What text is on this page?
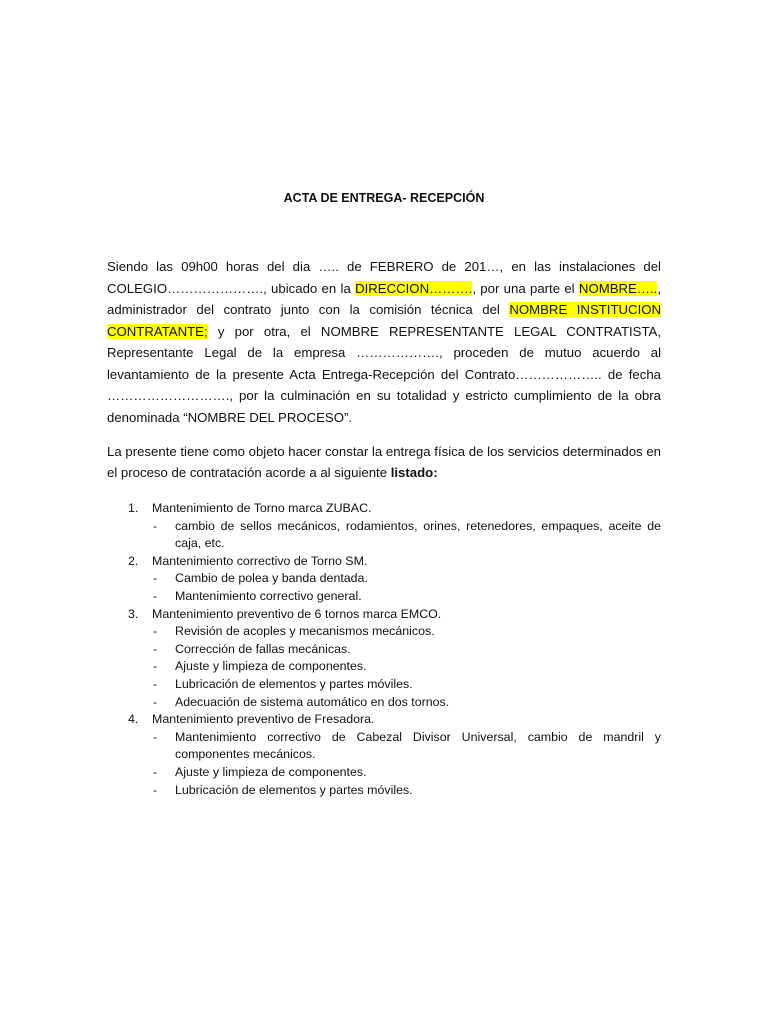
ACTA DE ENTREGA- RECEPCIÓN
Siendo las 09h00 horas del dia ….. de FEBRERO de 201…, en las instalaciones del COLEGIO…………………., ubicado en la DIRECCION………., por una parte el NOMBRE….., administrador del contrato junto con la comisión técnica del NOMBRE INSTITUCION CONTRATANTE; y por otra, el NOMBRE REPRESENTANTE LEGAL CONTRATISTA, Representante Legal de la empresa ………………., proceden de mutuo acuerdo al levantamiento de la presente Acta Entrega-Recepción del Contrato……………….. de fecha ………………………., por la culminación en su totalidad y estricto cumplimiento de la obra denominada “NOMBRE DEL PROCESO”.
La presente tiene como objeto hacer constar la entrega física de los servicios determinados en el proceso de contratación acorde a al siguiente listado:
1. Mantenimiento de Torno marca ZUBAC.
- cambio de sellos mecánicos, rodamientos, orines, retenedores, empaques, aceite de caja, etc.
2. Mantenimiento correctivo de Torno SM.
- Cambio de polea y banda dentada.
- Mantenimiento correctivo general.
3. Mantenimiento preventivo de 6 tornos marca EMCO.
- Revisión de acoples y mecanismos mecánicos.
- Corrección de fallas mecánicas.
- Ajuste y limpieza de componentes.
- Lubricación de elementos y partes móviles.
- Adecuación de sistema automático en dos tornos.
4. Mantenimiento preventivo de Fresadora.
- Mantenimiento correctivo de Cabezal Divisor Universal, cambio de mandril y componentes mecánicos.
- Ajuste y limpieza de componentes.
- Lubricación de elementos y partes móviles.
